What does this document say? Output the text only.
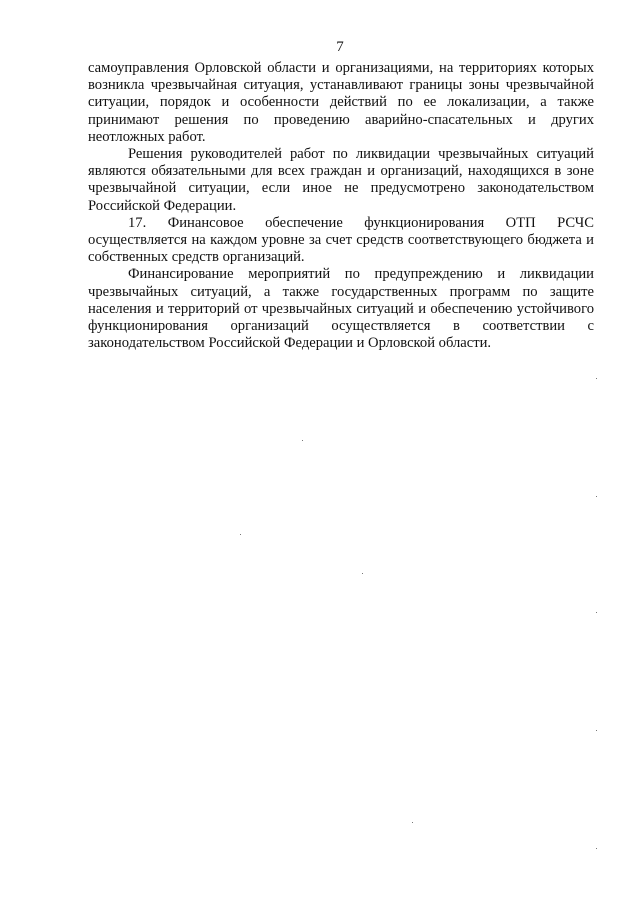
7

самоуправления Орловской области и организациями, на территориях которых возникла чрезвычайная ситуация, устанавливают границы зоны чрезвычайной ситуации, порядок и особенности действий по ее локализации, а также принимают решения по проведению аварийно-спасательных и других неотложных работ.

Решения руководителей работ по ликвидации чрезвычайных ситуаций являются обязательными для всех граждан и организаций, находящихся в зоне чрезвычайной ситуации, если иное не предусмотрено законодательством Российской Федерации.

17. Финансовое обеспечение функционирования ОТП РСЧС осуществляется на каждом уровне за счет средств соответствующего бюджета и собственных средств организаций.

Финансирование мероприятий по предупреждению и ликвидации чрезвычайных ситуаций, а также государственных программ по защите населения и территорий от чрезвычайных ситуаций и обеспечению устойчивого функционирования организаций осуществляется в соответствии с законодательством Российской Федерации и Орловской области.
